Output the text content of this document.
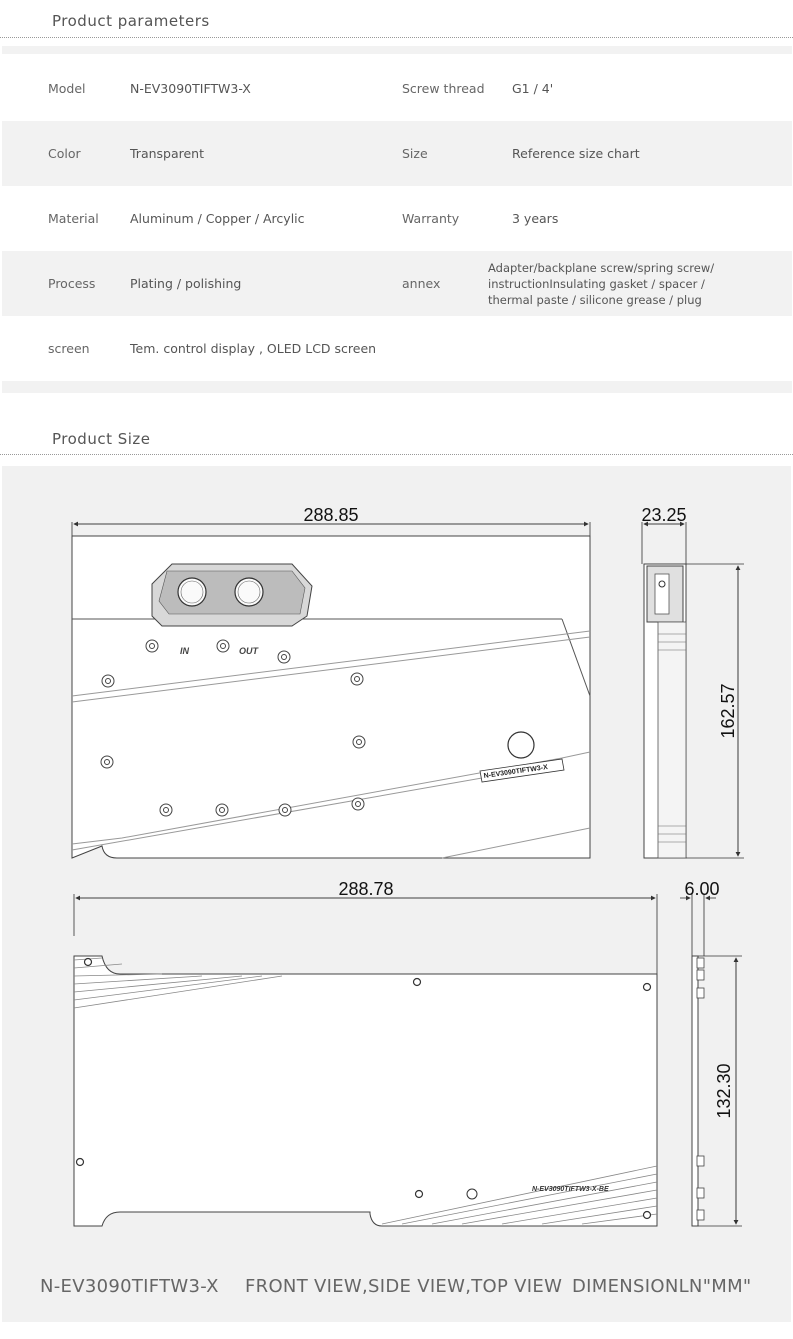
Product parameters
Model	N-EV3090TIFTW3-X	Screw thread G1 / 4'
Color	Transparent	Size	Reference size chart
Material Aluminum / Copper / Arcylic	Warranty	3 years
Process	Plating / polishing	annex
Adapter/backplane screw/spring screw/
instructionInsulating gasket / spacer /
thermal paste / silicone grease / plug
screen	Tem. control display , OLED LCD screen
Product Size
288.85
IN	OUT
N-EV3090TIFTW3-X
23.25
162.57
288.78
N-EV3090TIFTW3-X-BE
6.00
132.30
N-EV3090TIFTW3-X FRONT VIEW,SIDE VIEW,TOP VIEW DIMENSIONLN"MM"
